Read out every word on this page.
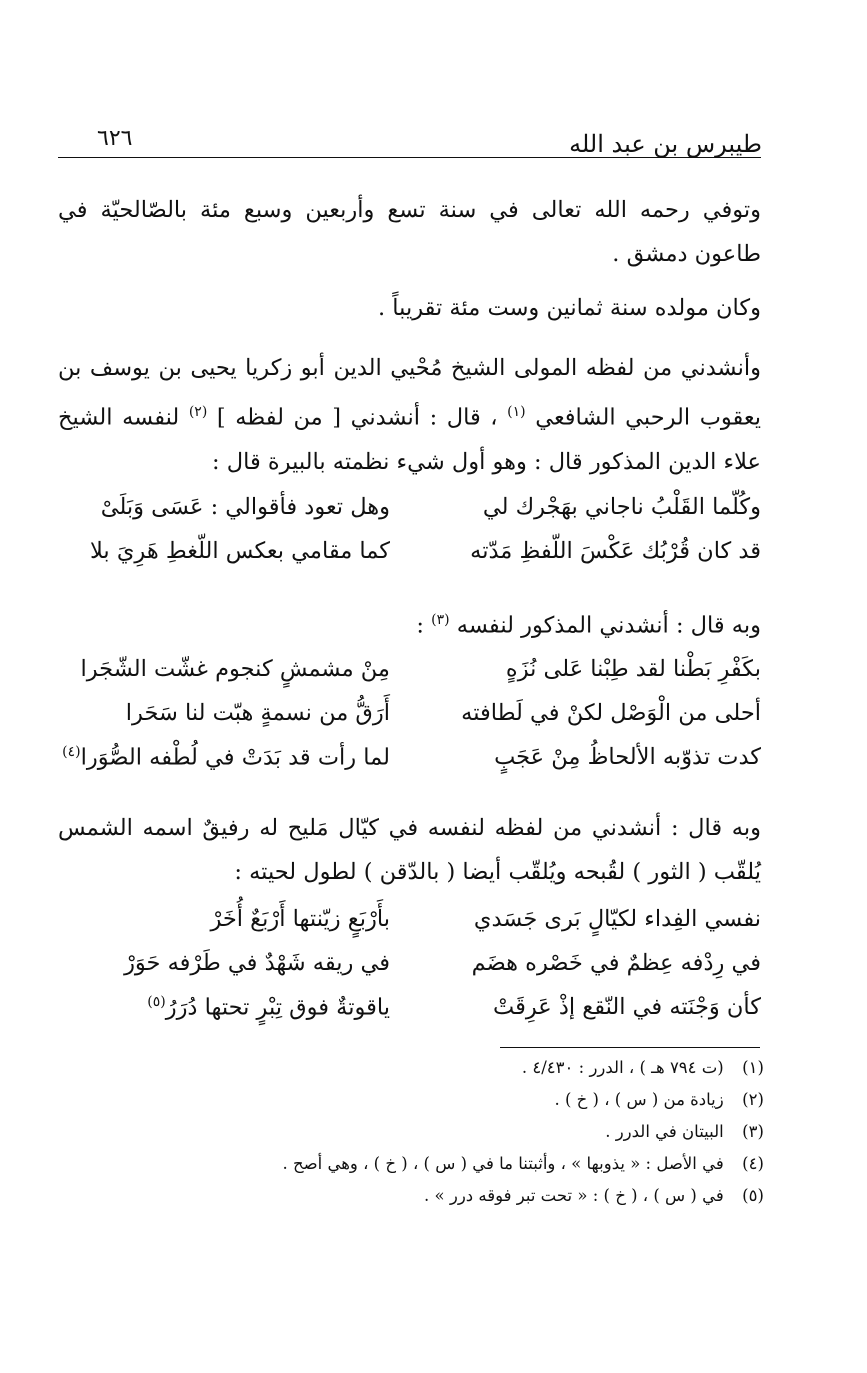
طيبرس بن عبد الله
٦٢٦
وتوفي رحمه الله تعالى في سنة تسع وأربعين وسبع مئة بالصّالحيّة في طاعون دمشق .
وكان مولده سنة ثمانين وست مئة تقريباً .
وأنشدني من لفظه المولى الشيخ مُحْيي الدين أبو زكريا يحيى بن يوسف بن يعقوب الرحبي الشافعي $^{(١)}$ ، قال : أنشدني [ من لفظه ] $^{(٢)}$ لنفسه الشيخ علاء الدين المذكور قال : وهو أول شيء نظمته بالبيرة قال :
وكُلّما القَلْبُ ناجاني بهَجْرك لي
وهل تعود فأقوالي : عَسَى وَبَلَىْ
قد كان قُرْبُك عَكْسَ اللّفظِ مَدّته
كما مقامي بعكس اللّغطِ هَرِيَ بلا
وبه قال : أنشدني المذكور لنفسه $^{(٣)}$ :
بكَفْرِ بَطْنا لقد طِبْنا عَلى نُزَهٍ
مِنْ مشمشٍ كنجوم غشّت الشّجَرا
أحلى من الْوَصْل لكنْ في لَطافته
أَرَقُّ من نسمةٍ هبّت لنا سَحَرا
كدت تذوّبه الألحاظُ مِنْ عَجَبٍ
لما رأت قد بَدَتْ في لُطْفه الصُّوَرا$^{(٤)}$
وبه قال : أنشدني من لفظه لنفسه في كيّال مَليح له رفيقٌ اسمه الشمس يُلقّب ( الثور ) لقُبحه ويُلقّب أيضا ( بالدّقن ) لطول لحيته :
نفسي الفِداء لكيّالٍ بَرى جَسَدي
بأَرْبَعٍ زيّنتها أَرْبَعٌ أُخَرْ
في رِدْفه عِظمٌ في خَصْره هضَم
في ريقه شَهْدٌ في طَرْفه حَوَرْ
كأن وَجْنَته في النّقع إذْ عَرِقَتْ
ياقوتةٌ فوق تِبْرٍ تحتها دُرَرُ$^{(٥)}$
(١) (ت ٧٩٤ هـ ) ، الدرر : ٤/٤٣٠ .
(٢) زيادة من ( س ) ، ( خ ) .
(٣) البيتان في الدرر .
(٤) في الأصل : « يذوبها » ، وأثبتنا ما في ( س ) ، ( خ ) ، وهي أصح .
(٥) في ( س ) ، ( خ ) : « تحت تبر فوقه درر » .
